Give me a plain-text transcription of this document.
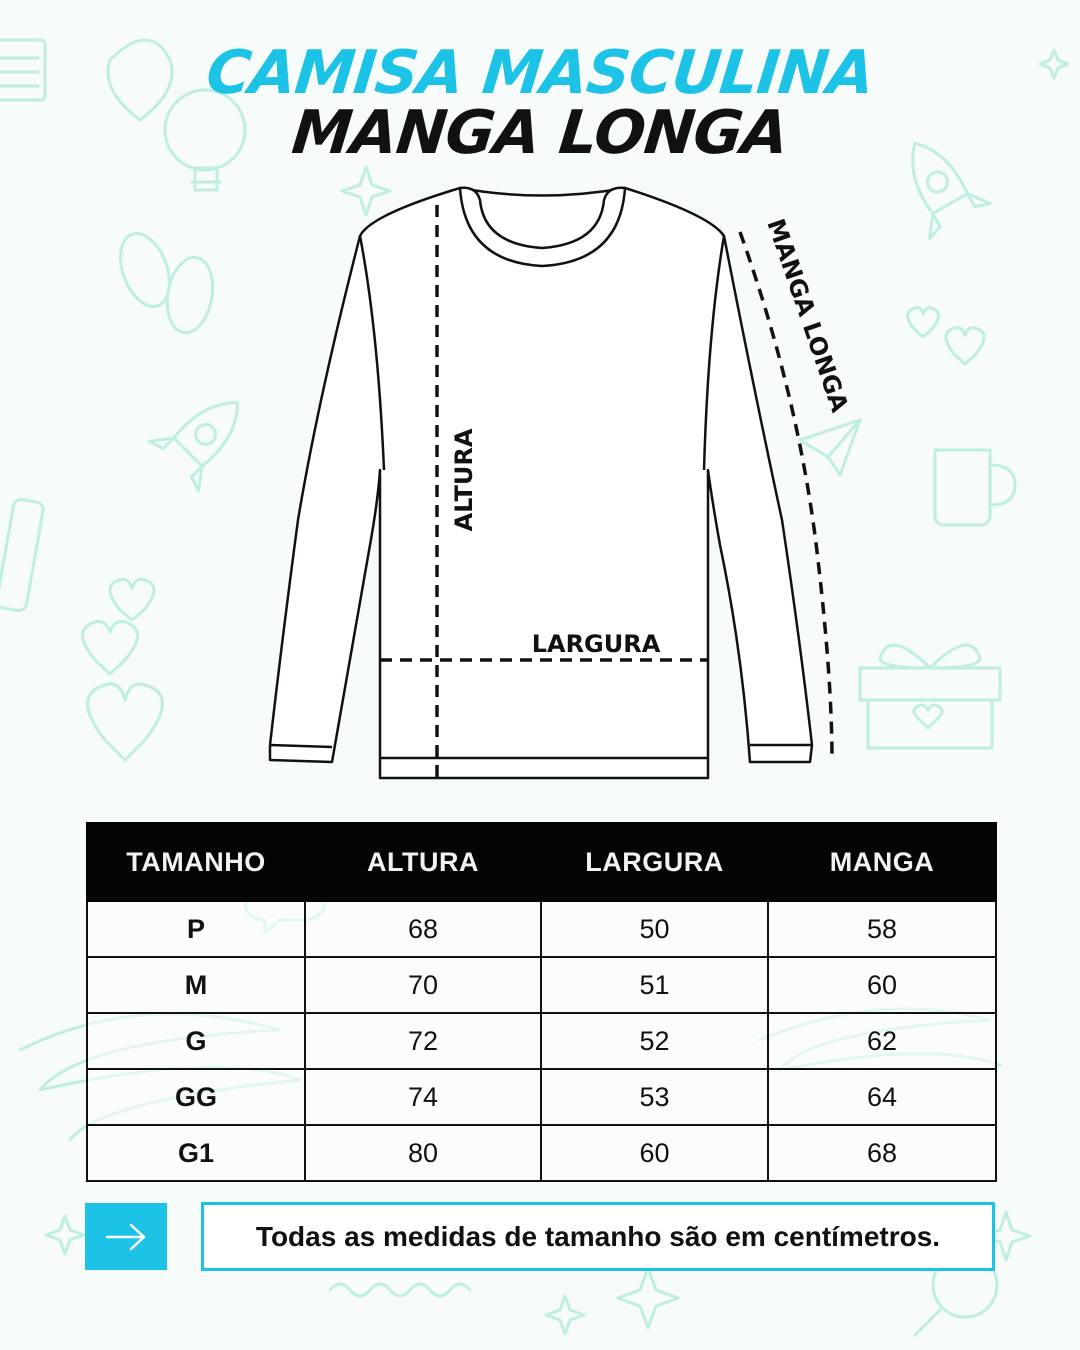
CAMISA MASCULINA
MANGA LONGA
ALTURA
LARGURA
MANGA LONGA
TAMANHO	ALTURA	LARGURA	MANGA
P	68	50	58
M	70	51	60
G	72	52	62
GG	74	53	64
G1	80	60	68
Todas as medidas de tamanho são em centímetros.
